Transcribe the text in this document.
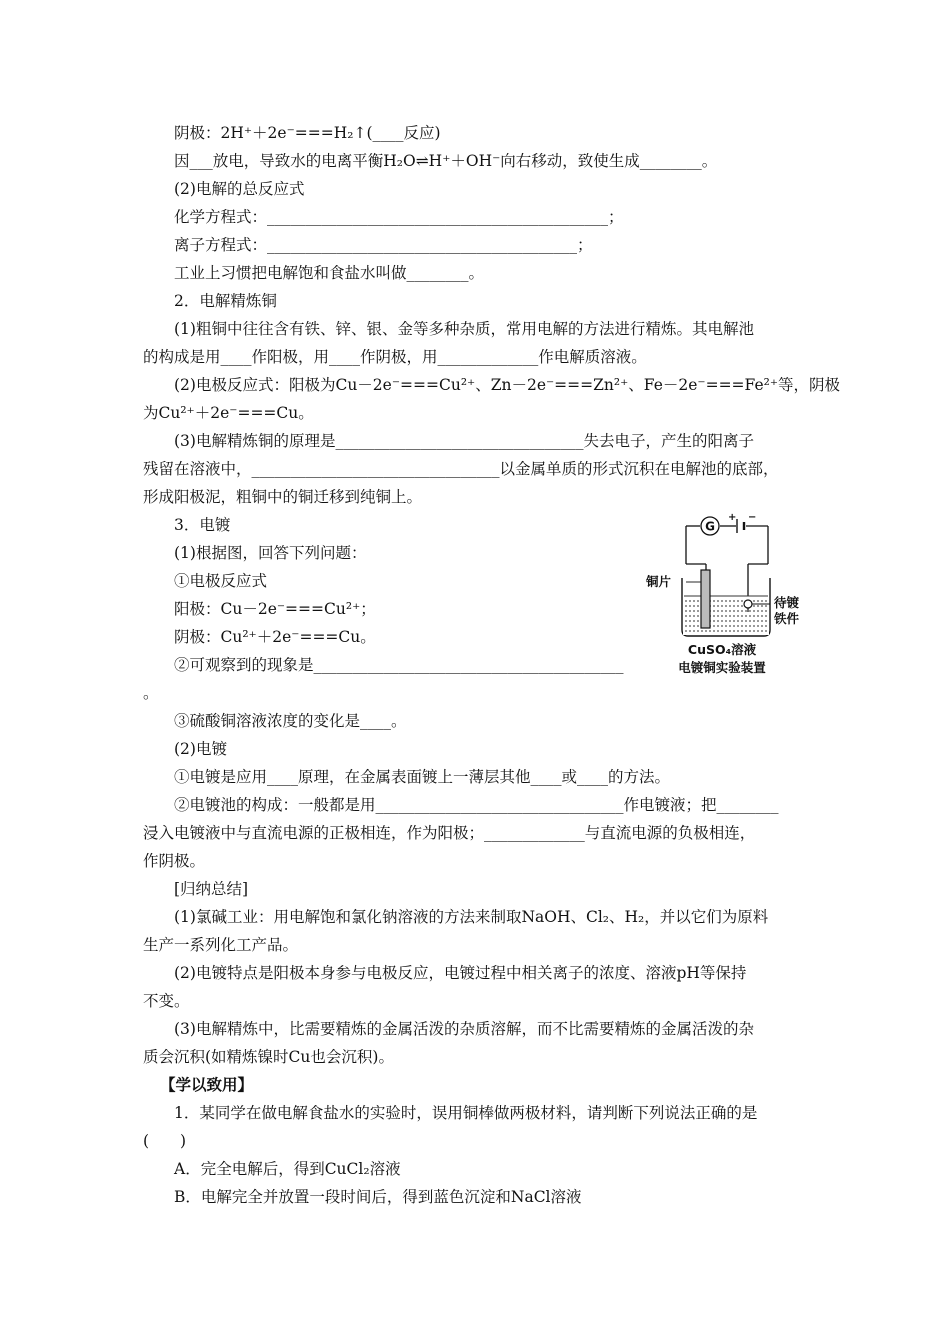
阴极：2H⁺＋2e⁻===H₂↑(____反应)
因___放电，导致水的电离平衡H₂O⇌H⁺＋OH⁻向右移动，致使生成________。
(2)电解的总反应式
化学方程式：____________________________________________；
离子方程式：________________________________________；
工业上习惯把电解饱和食盐水叫做________。
2．电解精炼铜
(1)粗铜中往往含有铁、锌、银、金等多种杂质，常用电解的方法进行精炼。其电解池
的构成是用____作阳极，用____作阴极，用_____________作电解质溶液。
(2)电极反应式：阳极为Cu－2e⁻===Cu²⁺、Zn－2e⁻===Zn²⁺、Fe－2e⁻===Fe²⁺等，阴极
为Cu²⁺＋2e⁻===Cu。
(3)电解精炼铜的原理是________________________________失去电子，产生的阳离子
残留在溶液中，________________________________以金属单质的形式沉积在电解池的底部，
形成阳极泥，粗铜中的铜迁移到纯铜上。
3．电镀
(1)根据图，回答下列问题：
①电极反应式
阳极：Cu－2e⁻===Cu²⁺；
阴极：Cu²⁺＋2e⁻===Cu。
②可观察到的现象是________________________________________
。
③硫酸铜溶液浓度的变化是____。
(2)电镀
①电镀是应用____原理，在金属表面镀上一薄层其他____或____的方法。
②电镀池的构成：一般都是用________________________________作电镀液；把________
浸入电镀液中与直流电源的正极相连，作为阳极；_____________与直流电源的负极相连，
作阴极。
[归纳总结]
(1)氯碱工业：用电解饱和氯化钠溶液的方法来制取NaOH、Cl₂、H₂，并以它们为原料
生产一系列化工产品。
(2)电镀特点是阳极本身参与电极反应，电镀过程中相关离子的浓度、溶液pH等保持
不变。
(3)电解精炼中，比需要精炼的金属活泼的杂质溶解，而不比需要精炼的金属活泼的杂
质会沉积(如精炼镍时Cu也会沉积)。
【学以致用】
1．某同学在做电解食盐水的实验时，误用铜棒做两极材料，请判断下列说法正确的是
(　　)
A．完全电解后，得到CuCl₂溶液
B．电解完全并放置一段时间后，得到蓝色沉淀和NaCl溶液
G
+ −
铜片
待镀
铁件
CuSO₄溶液
电镀铜实验装置
